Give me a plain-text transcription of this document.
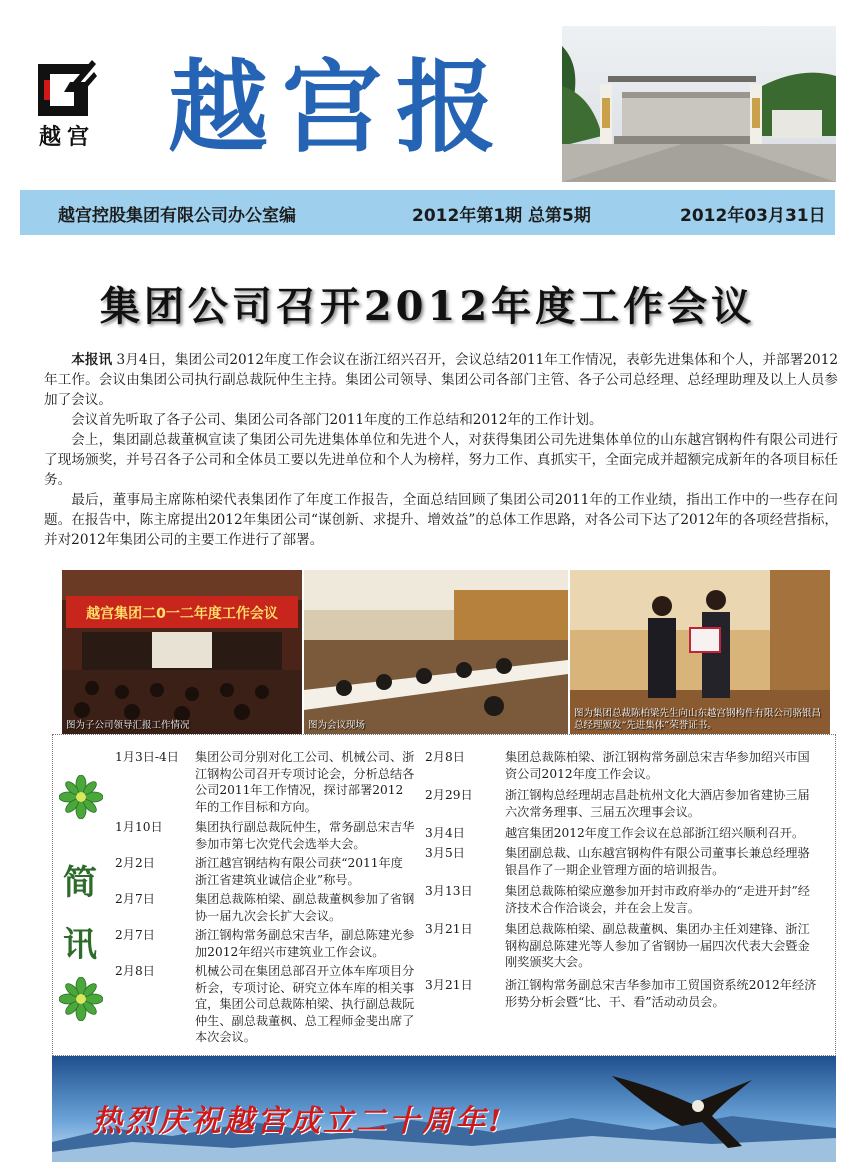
越宫 越宫报
越宫控股集团有限公司办公室编	2012年第1期 总第5期	2012年03月31日
集团公司召开2012年度工作会议

本报讯 3月4日，集团公司2012年度工作会议在浙江绍兴召开，会议总结2011年工作情况，表彰先进集体和个人，并部署2012年工作。会议由集团公司执行副总裁阮仲生主持。集团公司领导、集团公司各部门主管、各子公司总经理、总经理助理及以上人员参加了会议。

会议首先听取了各子公司、集团公司各部门2011年度的工作总结和2012年的工作计划。

会上，集团副总裁董枫宣读了集团公司先进集体单位和先进个人，对获得集团公司先进集体单位的山东越宫钢构件有限公司进行了现场颁奖，并号召各子公司和全体员工要以先进单位和个人为榜样，努力工作、真抓实干，全面完成并超额完成新年的各项目标任务。

最后，董事局主席陈柏梁代表集团作了年度工作报告，全面总结回顾了集团公司2011年的工作业绩，指出工作中的一些存在问题。在报告中，陈主席提出2012年集团公司“谋创新、求提升、增效益”的总体工作思路，对各公司下达了2012年的各项经营指标，并对2012年集团公司的主要工作进行了部署。

越宫集团二0一二年度工作会议
图为子公司领导汇报工作情况	图为会议现场
图为集团总裁陈柏梁先生向山东越宫钢构件有限公司骆银昌总经理颁发“先进集体”荣誉证书。
简
讯
1月3日-4日 集团公司分别对化工公司、机械公司、浙江钢构公司召开专项讨论会，分析总结各公司2011年工作情况，探讨部署2012年的工作目标和方向。
1月10日	集团执行副总裁阮仲生，常务副总宋吉华参加市第七次党代会选举大会。
2月2日	浙江越宫钢结构有限公司获“2011年度浙江省建筑业诚信企业”称号。
2月7日	集团总裁陈柏梁、副总裁董枫参加了省钢协一届九次会长扩大会议。
2月7日	浙江钢构常务副总宋吉华，副总陈建光参加2012年绍兴市建筑业工作会议。
2月8日	机械公司在集团总部召开立体车库项目分析会，专项讨论、研究立体车库的相关事宜，集团公司总裁陈柏梁、执行副总裁阮仲生、副总裁董枫、总工程师金斐出席了本次会议。
2月8日	集团总裁陈柏梁、浙江钢构常务副总宋吉华参加绍兴市国资公司2012年度工作会议。
2月29日	浙江钢构总经理胡志昌赴杭州文化大酒店参加省建协三届六次常务理事、三届五次理事会议。
3月4日	越宫集团2012年度工作会议在总部浙江绍兴顺利召开。
3月5日	集团副总裁、山东越宫钢构件有限公司董事长兼总经理骆银昌作了一期企业管理方面的培训报告。
3月13日	集团总裁陈柏梁应邀参加开封市政府举办的“走进开封”经济技术合作洽谈会，并在会上发言。
3月21日	集团总裁陈柏梁、副总裁董枫、集团办主任刘建锋、浙江钢构副总陈建光等人参加了省钢协一届四次代表大会暨金刚奖颁奖大会。
3月21日	浙江钢构常务副总宋吉华参加市工贸国资系统2012年经济形势分析会暨“比、干、看”活动动员会。
热烈庆祝越宫成立二十周年!
